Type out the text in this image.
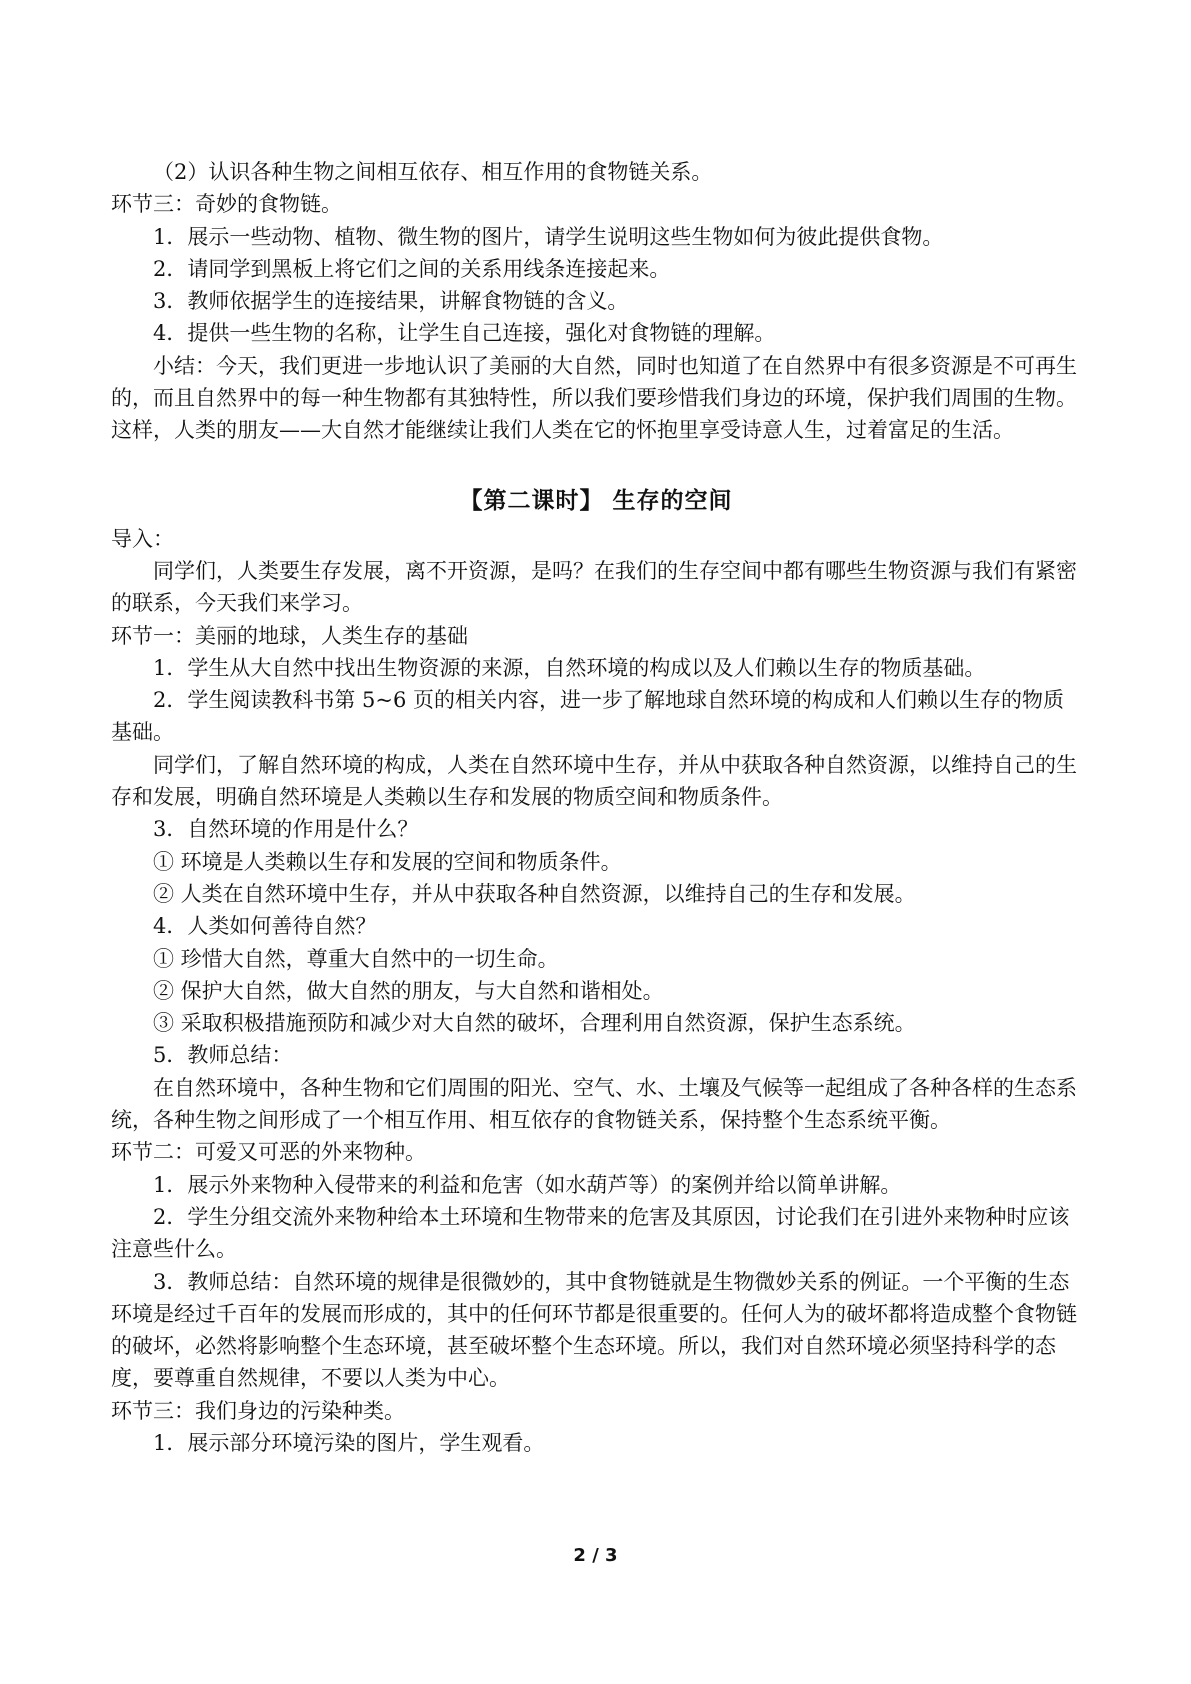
（2）认识各种生物之间相互依存、相互作用的食物链关系。

环节三：奇妙的食物链。

1．展示一些动物、植物、微生物的图片，请学生说明这些生物如何为彼此提供食物。

2．请同学到黑板上将它们之间的关系用线条连接起来。

3．教师依据学生的连接结果，讲解食物链的含义。

4．提供一些生物的名称，让学生自己连接，强化对食物链的理解。

小结：今天，我们更进一步地认识了美丽的大自然，同时也知道了在自然界中有很多资源是不可再生的，而且自然界中的每一种生物都有其独特性，所以我们要珍惜我们身边的环境，保护我们周围的生物。这样，人类的朋友——大自然才能继续让我们人类在它的怀抱里享受诗意人生，过着富足的生活。

【第二课时】 生存的空间

导入：

同学们，人类要生存发展，离不开资源，是吗？在我们的生存空间中都有哪些生物资源与我们有紧密的联系，今天我们来学习。

环节一：美丽的地球，人类生存的基础

1．学生从大自然中找出生物资源的来源，自然环境的构成以及人们赖以生存的物质基础。

2．学生阅读教科书第 5~6 页的相关内容，进一步了解地球自然环境的构成和人们赖以生存的物质基础。

同学们，了解自然环境的构成，人类在自然环境中生存，并从中获取各种自然资源，以维持自己的生存和发展，明确自然环境是人类赖以生存和发展的物质空间和物质条件。

3．自然环境的作用是什么？

① 环境是人类赖以生存和发展的空间和物质条件。

② 人类在自然环境中生存，并从中获取各种自然资源，以维持自己的生存和发展。

4．人类如何善待自然？

① 珍惜大自然，尊重大自然中的一切生命。

② 保护大自然，做大自然的朋友，与大自然和谐相处。

③ 采取积极措施预防和减少对大自然的破坏，合理利用自然资源，保护生态系统。

5．教师总结：

在自然环境中，各种生物和它们周围的阳光、空气、水、土壤及气候等一起组成了各种各样的生态系统，各种生物之间形成了一个相互作用、相互依存的食物链关系，保持整个生态系统平衡。

环节二：可爱又可恶的外来物种。

1．展示外来物种入侵带来的利益和危害（如水葫芦等）的案例并给以简单讲解。

2．学生分组交流外来物种给本土环境和生物带来的危害及其原因，讨论我们在引进外来物种时应该注意些什么。

3．教师总结：自然环境的规律是很微妙的，其中食物链就是生物微妙关系的例证。一个平衡的生态环境是经过千百年的发展而形成的，其中的任何环节都是很重要的。任何人为的破坏都将造成整个食物链的破坏，必然将影响整个生态环境，甚至破坏整个生态环境。所以，我们对自然环境必须坚持科学的态度，要尊重自然规律，不要以人类为中心。

环节三：我们身边的污染种类。

1．展示部分环境污染的图片，学生观看。

2 / 3
